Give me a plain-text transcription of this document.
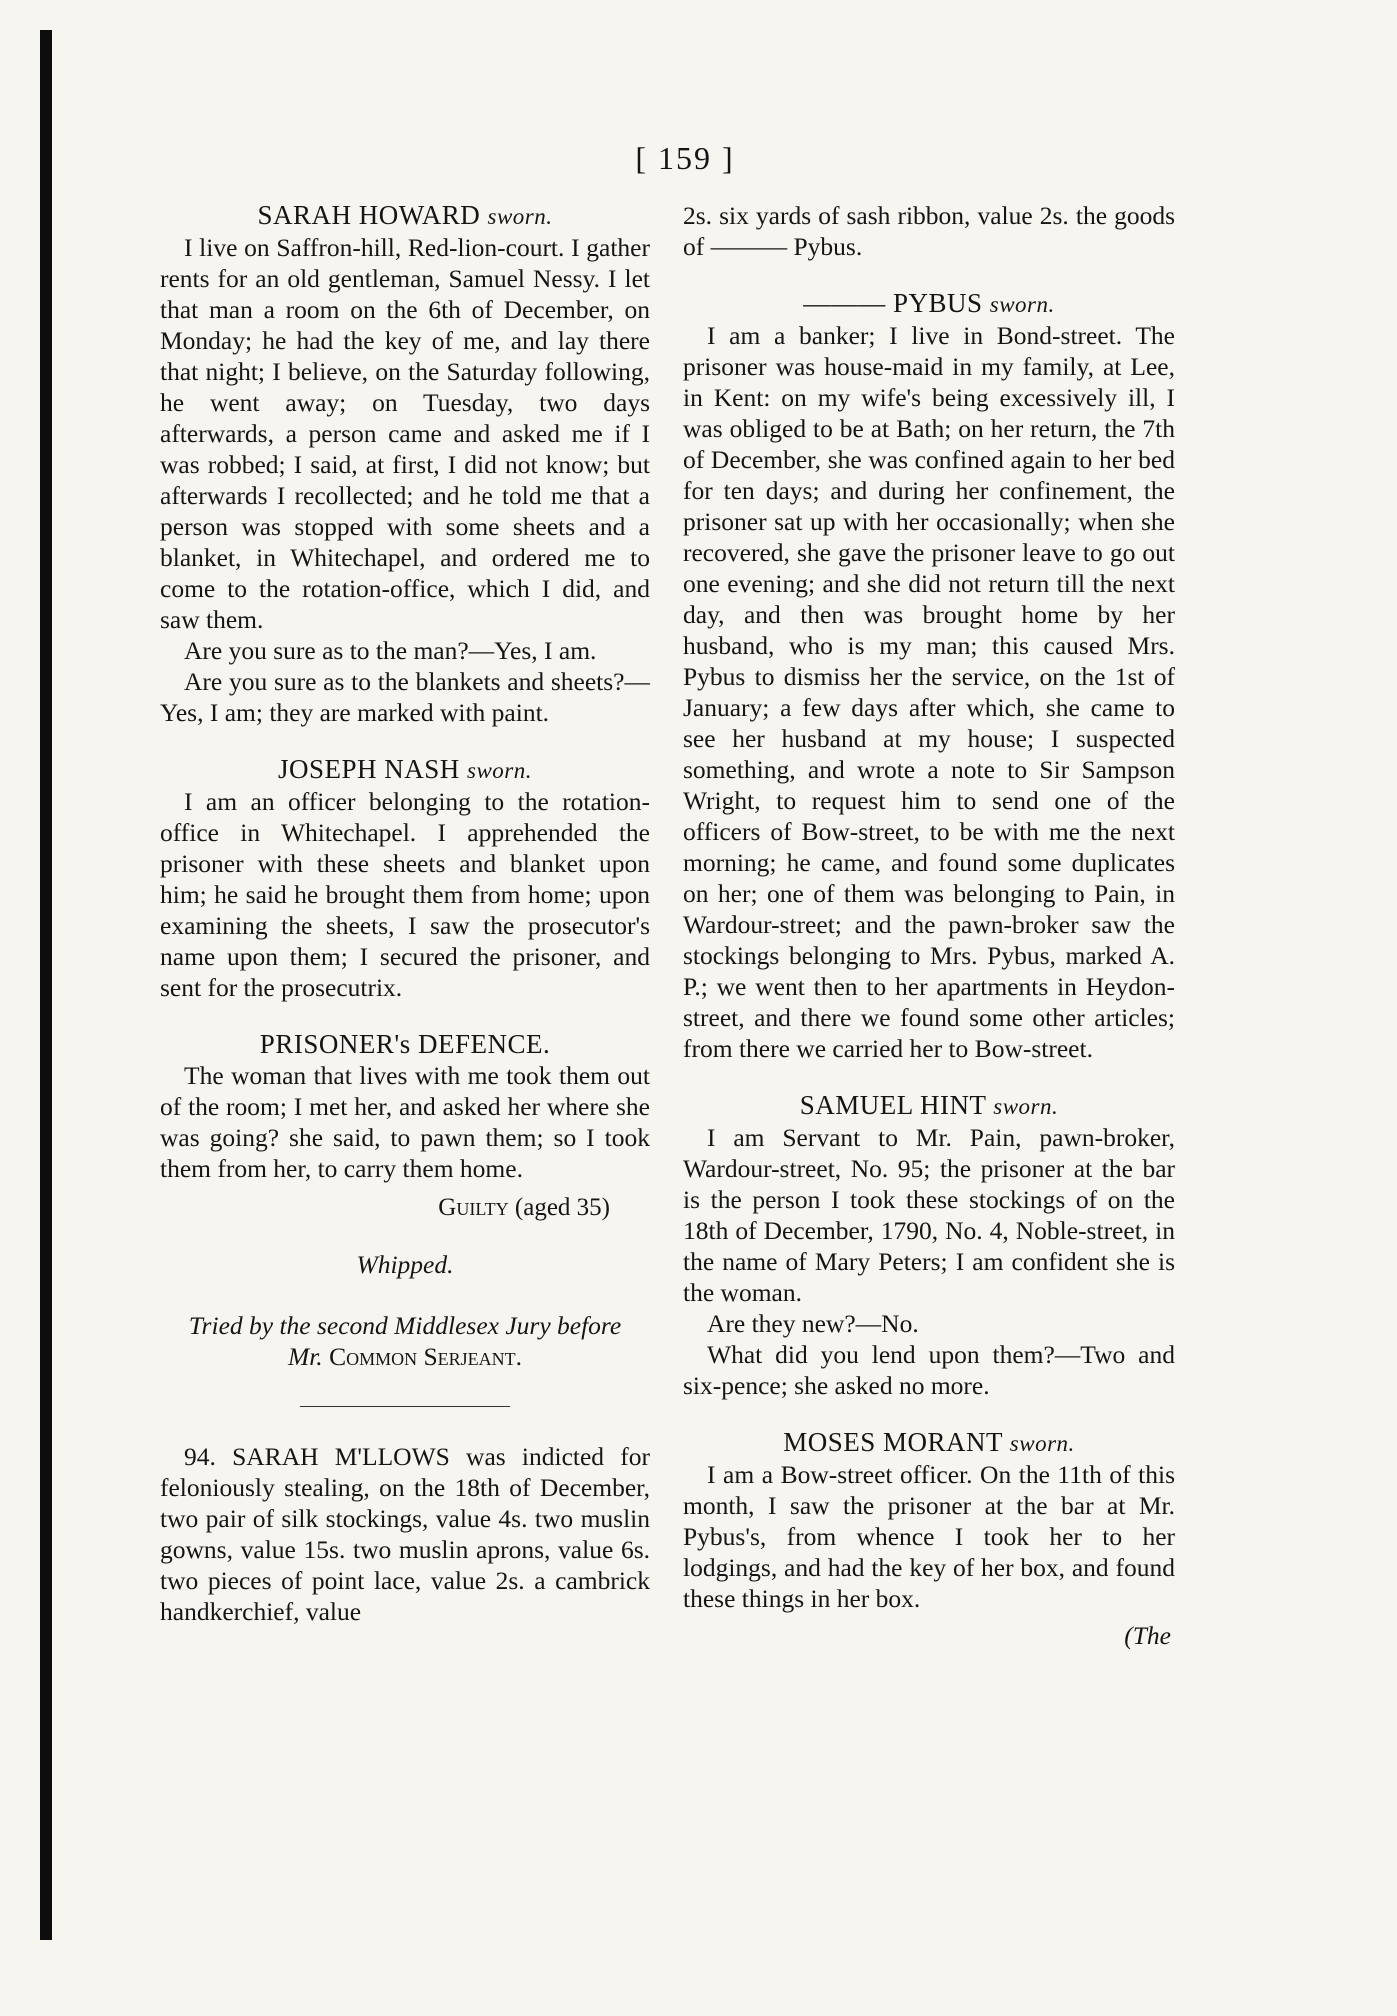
[ 159 ]

SARAH HOWARD sworn.

I live on Saffron-hill, Red-lion-court. I gather rents for an old gentleman, Samuel Nessy. I let that man a room on the 6th of December, on Monday; he had the key of me, and lay there that night; I believe, on the Saturday following, he went away; on Tuesday, two days afterwards, a person came and asked me if I was robbed; I said, at first, I did not know; but afterwards I recollected; and he told me that a person was stopped with some sheets and a blanket, in Whitechapel, and ordered me to come to the rotation-office, which I did, and saw them.

Are you sure as to the man?—Yes, I am.

Are you sure as to the blankets and sheets?—Yes, I am; they are marked with paint.

JOSEPH NASH sworn.

I am an officer belonging to the rotation-office in Whitechapel. I apprehended the prisoner with these sheets and blanket upon him; he said he brought them from home; upon examining the sheets, I saw the prosecutor's name upon them; I secured the prisoner, and sent for the prosecutrix.

PRISONER's DEFENCE.

The woman that lives with me took them out of the room; I met her, and asked her where she was going? she said, to pawn them; so I took them from her, to carry them home.

Guilty (aged 35)

Whipped.

Tried by the second Middlesex Jury before
Mr. Common Serjeant.

94. SARAH M'LLOWS was indicted for feloniously stealing, on the 18th of December, two pair of silk stockings, value 4s. two muslin gowns, value 15s. two muslin aprons, value 6s. two pieces of point lace, value 2s. a cambrick handkerchief, value

2s. six yards of sash ribbon, value 2s. the goods of ——— Pybus.

——— PYBUS sworn.

I am a banker; I live in Bond-street. The prisoner was house-maid in my family, at Lee, in Kent: on my wife's being excessively ill, I was obliged to be at Bath; on her return, the 7th of December, she was confined again to her bed for ten days; and during her confinement, the prisoner sat up with her occasionally; when she recovered, she gave the prisoner leave to go out one evening; and she did not return till the next day, and then was brought home by her husband, who is my man; this caused Mrs. Pybus to dismiss her the service, on the 1st of January; a few days after which, she came to see her husband at my house; I suspected something, and wrote a note to Sir Sampson Wright, to request him to send one of the officers of Bow-street, to be with me the next morning; he came, and found some duplicates on her; one of them was belonging to Pain, in Wardour-street; and the pawn-broker saw the stockings belonging to Mrs. Pybus, marked A. P.; we went then to her apartments in Heydon-street, and there we found some other articles; from there we carried her to Bow-street.

SAMUEL HINT sworn.

I am Servant to Mr. Pain, pawn-broker, Wardour-street, No. 95; the prisoner at the bar is the person I took these stockings of on the 18th of December, 1790, No. 4, Noble-street, in the name of Mary Peters; I am confident she is the woman.

Are they new?—No.

What did you lend upon them?—Two and six-pence; she asked no more.

MOSES MORANT sworn.

I am a Bow-street officer. On the 11th of this month, I saw the prisoner at the bar at Mr. Pybus's, from whence I took her to her lodgings, and had the key of her box, and found these things in her box.

(The
